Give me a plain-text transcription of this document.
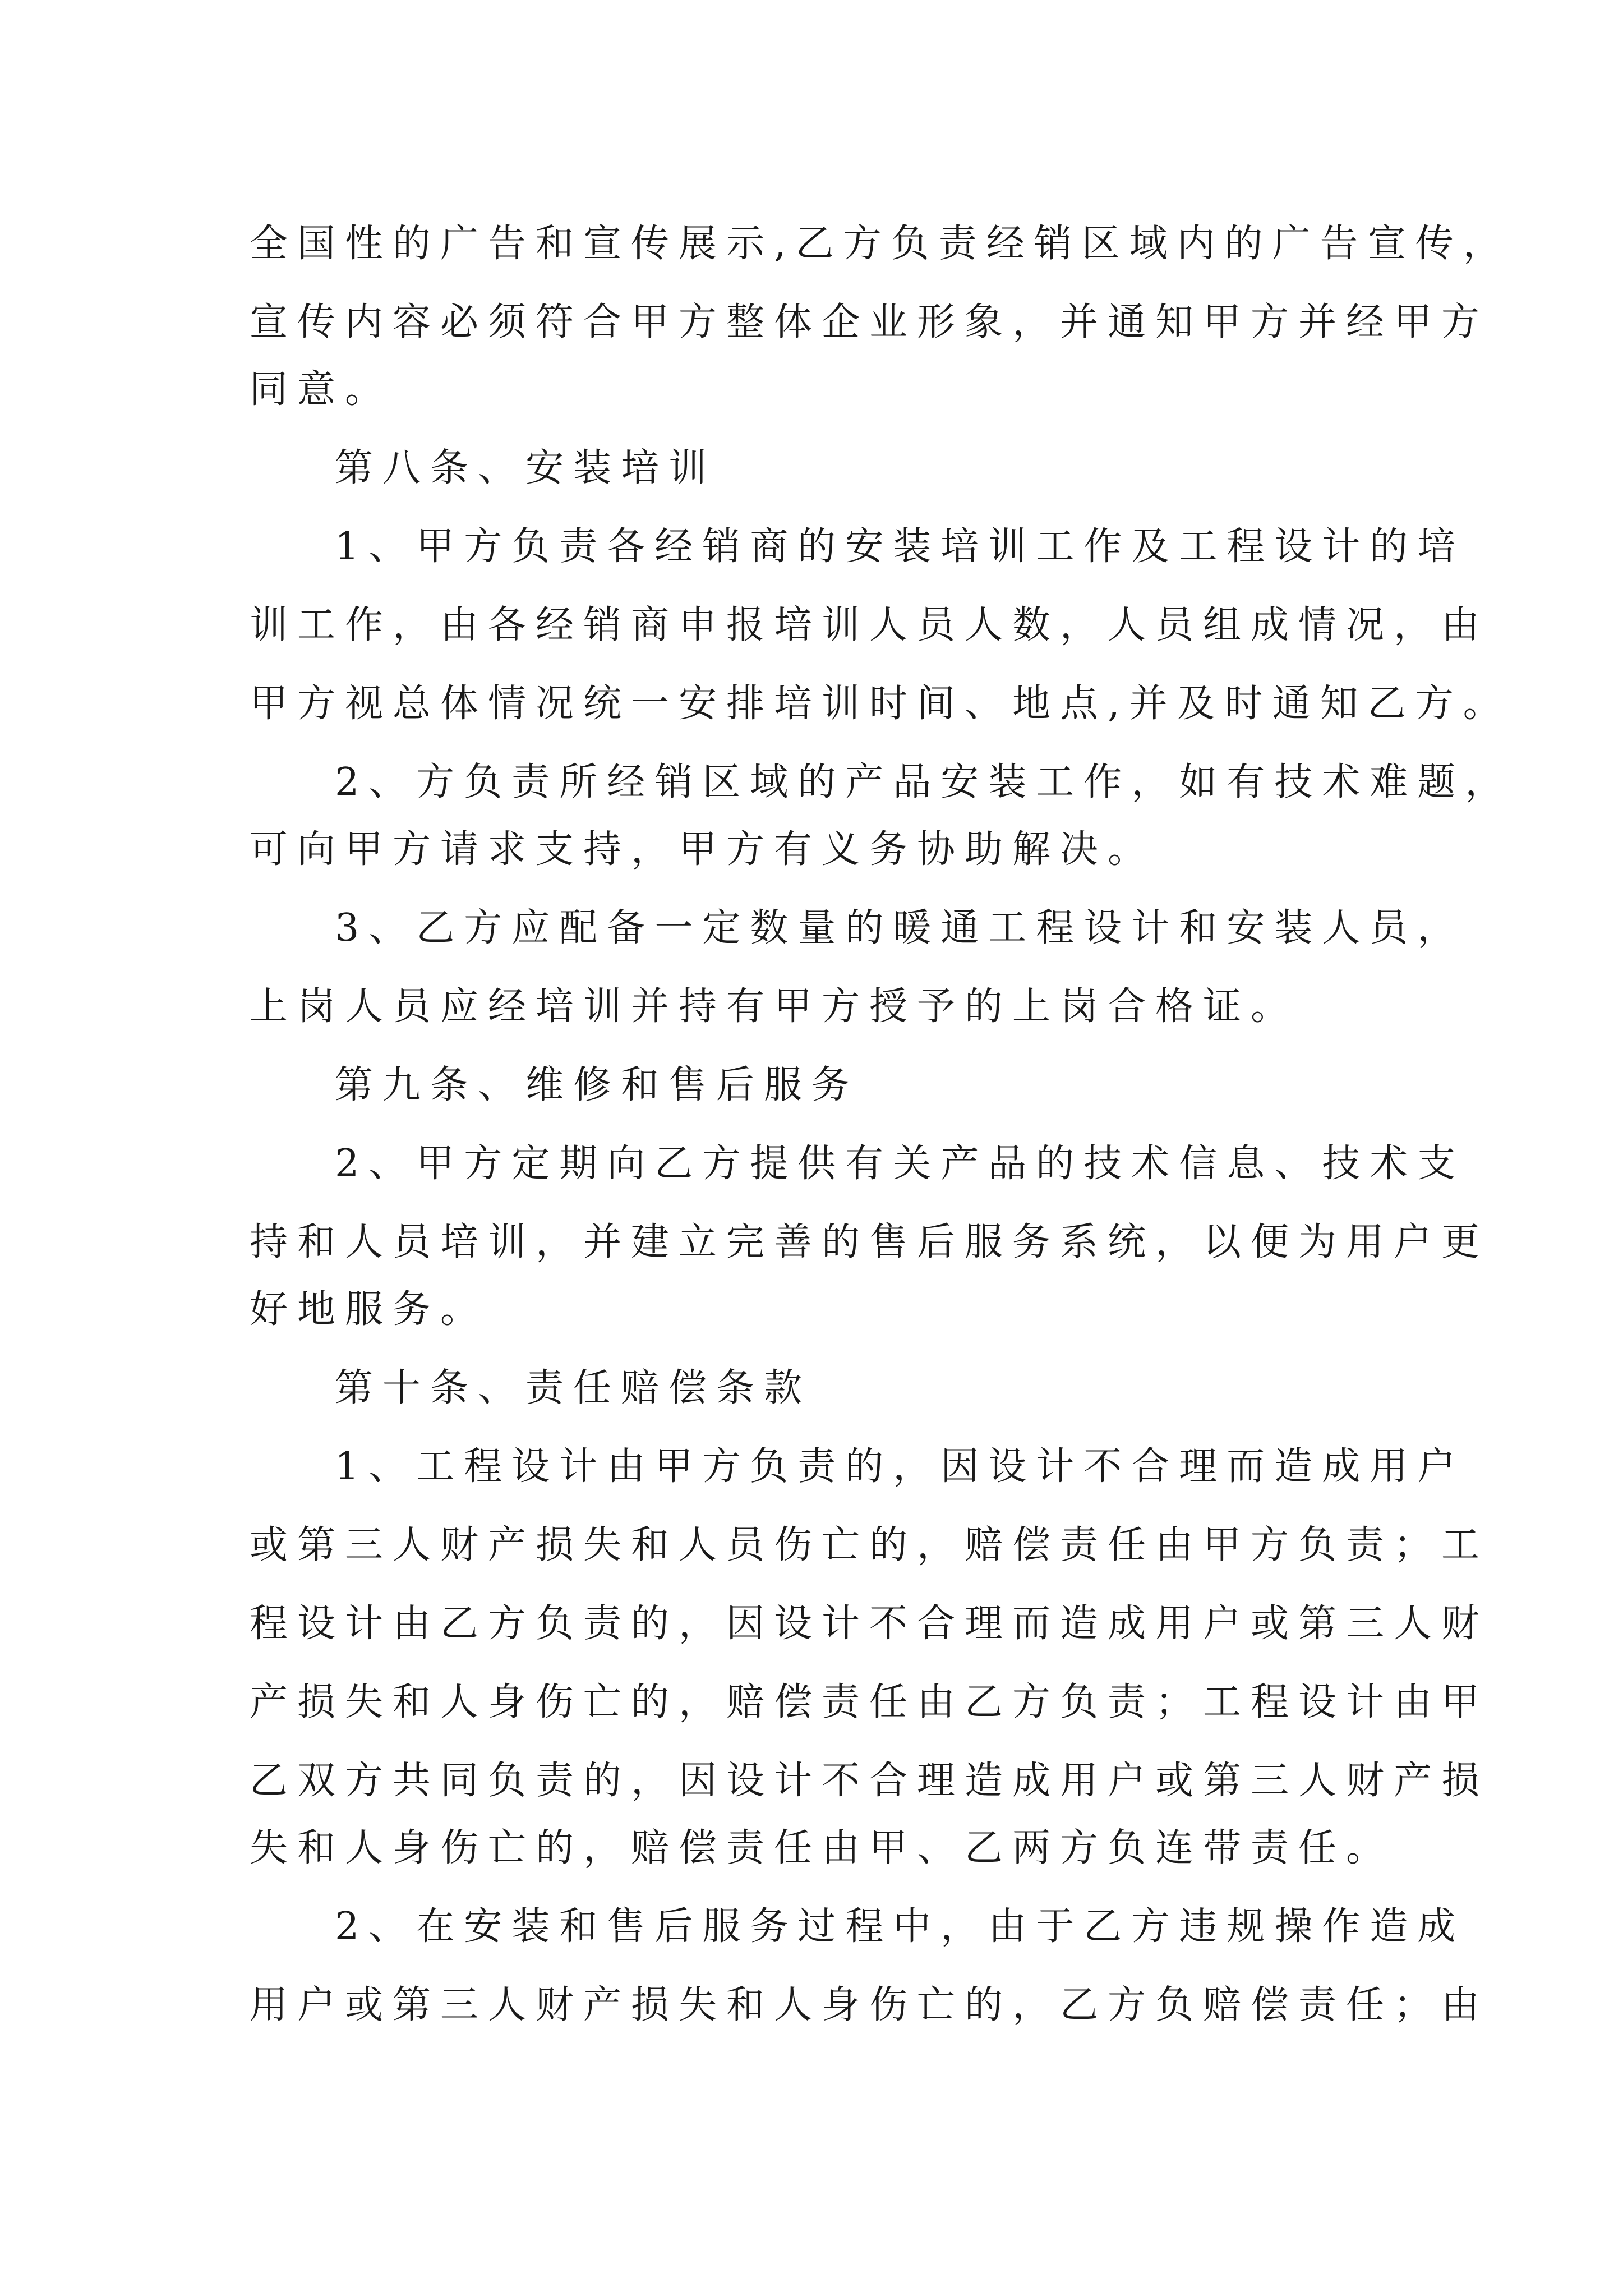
全国性的广告和宣传展示,乙方负责经销区域内的广告宣传，
宣传内容必须符合甲方整体企业形象，并通知甲方并经甲方
同意。
第八条、安装培训
1、甲方负责各经销商的安装培训工作及工程设计的培
训工作，由各经销商申报培训人员人数，人员组成情况，由
甲方视总体情况统一安排培训时间、地点,并及时通知乙方。
2、方负责所经销区域的产品安装工作，如有技术难题，
可向甲方请求支持，甲方有义务协助解决。
3、乙方应配备一定数量的暖通工程设计和安装人员，
上岗人员应经培训并持有甲方授予的上岗合格证。
第九条、维修和售后服务
2、甲方定期向乙方提供有关产品的技术信息、技术支
持和人员培训，并建立完善的售后服务系统，以便为用户更
好地服务。
第十条、责任赔偿条款
1、工程设计由甲方负责的，因设计不合理而造成用户
或第三人财产损失和人员伤亡的，赔偿责任由甲方负责；工
程设计由乙方负责的，因设计不合理而造成用户或第三人财
产损失和人身伤亡的，赔偿责任由乙方负责；工程设计由甲
乙双方共同负责的，因设计不合理造成用户或第三人财产损
失和人身伤亡的，赔偿责任由甲、乙两方负连带责任。
2、在安装和售后服务过程中，由于乙方违规操作造成
用户或第三人财产损失和人身伤亡的，乙方负赔偿责任；由
